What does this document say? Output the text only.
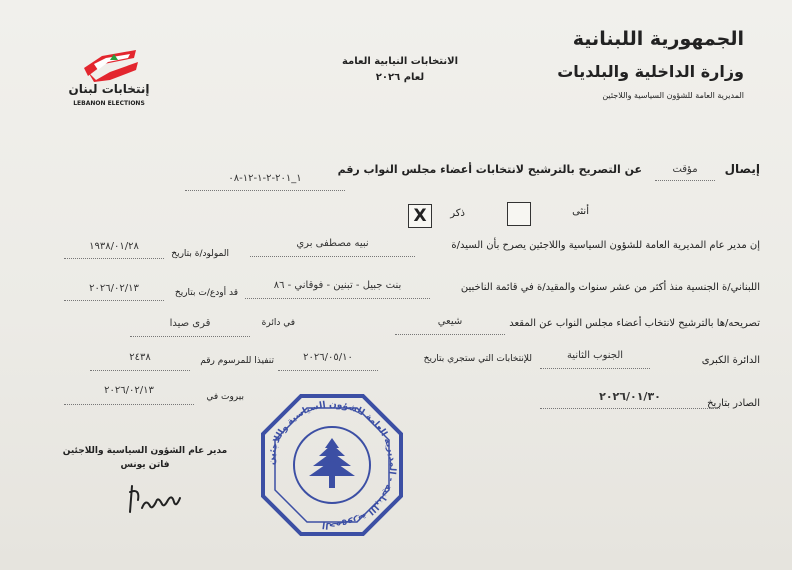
الجمهورية اللبنانية
وزارة الداخلية والبلديات
المديرية العامة للشؤون السياسية واللاجئين
الانتخابات النيابية العامة
لعام ٢٠٢٦
إنتخابات لبنان
LEBANON ELECTIONS
إيصال
مؤقت
عن التصريح بالترشيح لانتخابات أعضاء مجلس النواب رقم
١_٢٠١-٢-١-١٢-٠٨
أنثى
ذكر
X
إن مدير عام المديرية العامة للشؤون السياسية واللاجئين يصرح بأن السيد/ة
نبيه مصطفى بري
المولود/ة بتاريخ
١٩٣٨/٠١/٢٨
اللبناني/ة الجنسية منذ أكثر من عشر سنوات والمقيد/ة في قائمة الناخبين
بنت جبيل - تبنين - فوقاني - ٨٦
قد أودع/ت بتاريخ
٢٠٢٦/٠٢/١٣
تصريحه/ها بالترشيح لانتخاب أعضاء مجلس النواب عن المقعد
شيعي
في دائرة
قرى صيدا
الدائرة الكبرى
الجنوب الثانية
للإنتخابات التي ستجري بتاريخ
٢٠٢٦/٠٥/١٠
تنفيذا للمرسوم رقم
٢٤٣٨
الصادر بتاريخ
٢٠٢٦/٠١/٣٠
بيروت في
٢٠٢٦/٠٢/١٣
مدير عام الشؤون السياسية واللاجئين
فاتن يونس	الجمهورية اللبنانية - المديرية العامة للشؤون السياسية واللاجئين
